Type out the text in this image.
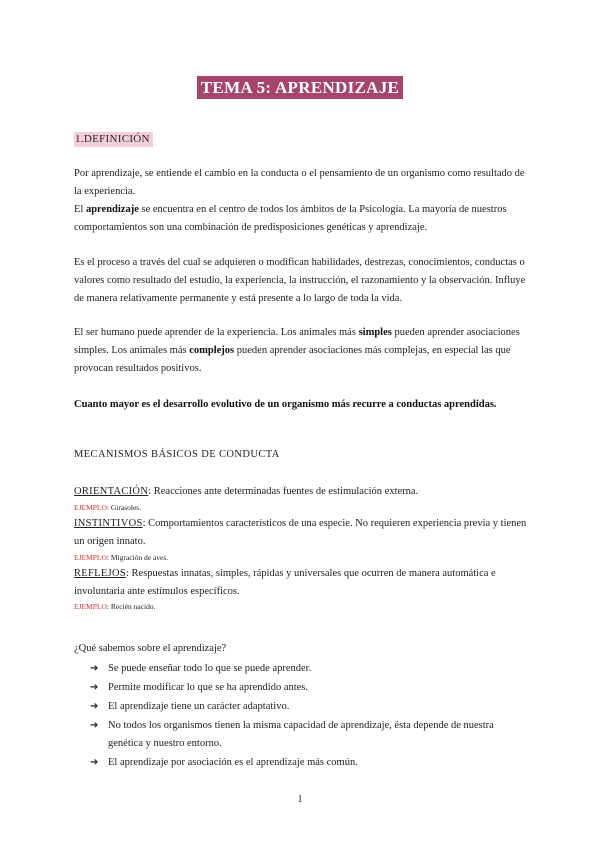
TEMA 5: APRENDIZAJE
1.DEFINICIÓN

Por aprendizaje, se entiende el cambio en la conducta o el pensamiento de un organismo como resultado de la experiencia.
El aprendizaje se encuentra en el centro de todos los ámbitos de la Psicología. La mayoría de nuestros comportamientos son una combinación de predisposiciones genéticas y aprendizaje.

Es el proceso a través del cual se adquieren o modifican habilidades, destrezas, conocimientos, conductas o valores como resultado del estudio, la experiencia, la instrucción, el razonamiento y la observación. Influye de manera relativamente permanente y está presente a lo largo de toda la vida.

El ser humano puede aprender de la experiencia. Los animales más simples pueden aprender asociaciones simples. Los animales más complejos pueden aprender asociaciones más complejas, en especial las que provocan resultados positivos.

Cuanto mayor es el desarrollo evolutivo de un organismo más recurre a conductas aprendidas.

MECANISMOS BÁSICOS DE CONDUCTA

ORIENTACIÓN: Reacciones ante determinadas fuentes de estimulación externa.

EJEMPLO: Girasoles.

INSTINTIVOS: Comportamientos característicos de una especie. No requieren experiencia previa y tienen un origen innato.

EJEMPLO: Migración de aves.

REFLEJOS: Respuestas innatas, simples, rápidas y universales que ocurren de manera automática e involuntaria ante estímulos específicos.

EJEMPLO: Recién nacido.
¿Qué sabemos sobre el aprendizaje?
➔ Se puede enseñar todo lo que se puede aprender.
➔ Permite modificar lo que se ha aprendido antes.
➔ El aprendizaje tiene un carácter adaptativo.
➔ No todos los organismos tienen la misma capacidad de aprendizaje, ésta depende de nuestra genética y nuestro entorno.
➔ El aprendizaje por asociación es el aprendizaje más común.
1
